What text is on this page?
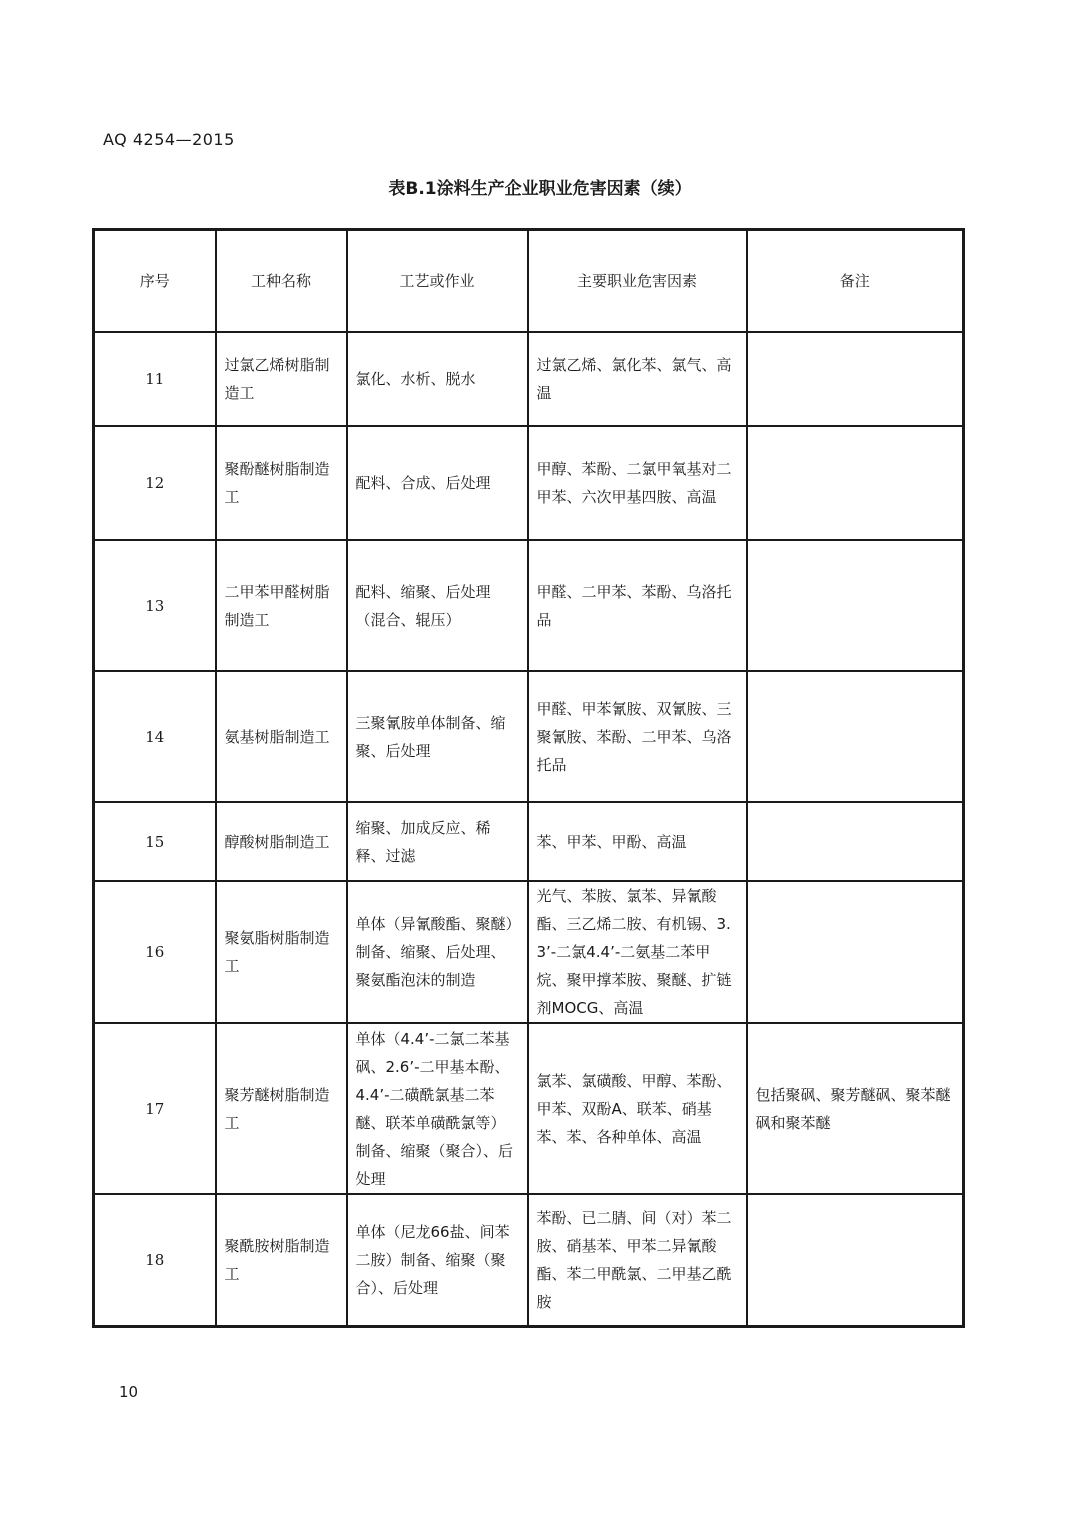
AQ 4254—2015
表B.1涂料生产企业职业危害因素（续）
序号	工种名称	工艺或作业	主要职业危害因素	备注
11	过氯乙烯树脂制造工	氯化、水析、脱水	过氯乙烯、氯化苯、氯气、高温	
12	聚酚醚树脂制造工	配料、合成、后处理	甲醇、苯酚、二氯甲氧基对二甲苯、六次甲基四胺、高温	
13	二甲苯甲醛树脂制造工	配料、缩聚、后处理（混合、辊压）	甲醛、二甲苯、苯酚、乌洛托品	
14	氨基树脂制造工	三聚氰胺单体制备、缩聚、后处理	甲醛、甲苯氰胺、双氰胺、三聚氰胺、苯酚、二甲苯、乌洛托品	
15	醇酸树脂制造工	缩聚、加成反应、稀释、过滤	苯、甲苯、甲酚、高温	
16	聚氨脂树脂制造工	单体（异氰酸酯、聚醚）制备、缩聚、后处理、聚氨酯泡沫的制造	光气、苯胺、氯苯、异氰酸酯、三乙烯二胺、有机锡、3.3’-二氯4.4’-二氨基二苯甲烷、聚甲撑苯胺、聚醚、扩链剂MOCG、高温	
17	聚芳醚树脂制造工	单体（4.4’-二氯二苯基砜、2.6’-二甲基本酚、4.4’-二磺酰氯基二苯醚、联苯单磺酰氯等）制备、缩聚（聚合）、后处理	氯苯、氯磺酸、甲醇、苯酚、甲苯、双酚A、联苯、硝基苯、苯、各种单体、高温	包括聚砜、聚芳醚砜、聚苯醚砜和聚苯醚
18	聚酰胺树脂制造工	单体（尼龙66盐、间苯二胺）制备、缩聚（聚合）、后处理	苯酚、已二腈、间（对）苯二胺、硝基苯、甲苯二异氰酸酯、苯二甲酰氯、二甲基乙酰胺	
10
